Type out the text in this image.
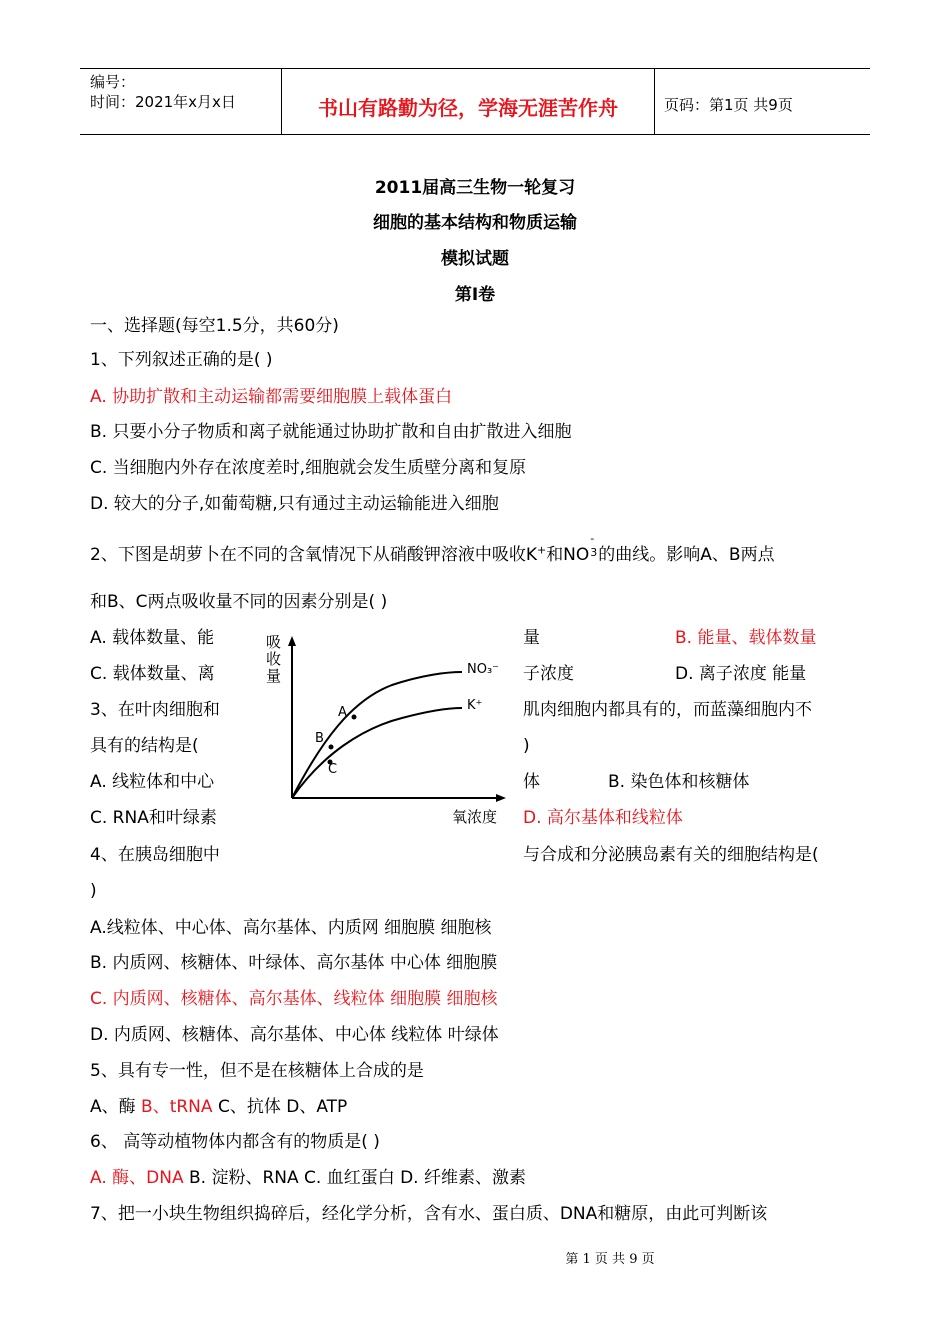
编号：
时间：2021年x月x日	书山有路勤为径，学海无涯苦作舟	页码：第1页 共9页
2011届高三生物一轮复习
细胞的基本结构和物质运输
模拟试题
第Ⅰ卷
一、选择题(每空1.5分，共60分)
1、下列叙述正确的是( )
A. 协助扩散和主动运输都需要细胞膜上载体蛋白
B. 只要小分子物质和离子就能通过协助扩散和自由扩散进入细胞
C. 当细胞内外存在浓度差时,细胞就会发生质壁分离和复原
D. 较大的分子,如葡萄糖,只有通过主动运输能进入细胞
2、下图是胡萝卜在不同的含氧情况下从硝酸钾溶液中吸收K+和NO
-
3 的曲线。影响A、B两点
和B、C两点吸收量不同的因素分别是( )
A. 载体数量、能	量	B. 能量、载体数量
C. 载体数量、离	子浓度	D. 离子浓度 能量
吸收量
氧浓度
NO₃⁻
K⁺
A
B
C
3、在叶肉细胞和	肌肉细胞内都具有的，而蓝藻细胞内不
具有的结构是(	)
A. 线粒体和中心	体	B. 染色体和核糖体
C. RNA和叶绿素	D. 高尔基体和线粒体
4、在胰岛细胞中	与合成和分泌胰岛素有关的细胞结构是(
)
A.线粒体、中心体、高尔基体、内质网 细胞膜 细胞核
B. 内质网、核糖体、叶绿体、高尔基体 中心体 细胞膜
C. 内质网、核糖体、高尔基体、线粒体 细胞膜 细胞核
D. 内质网、核糖体、高尔基体、中心体 线粒体 叶绿体
5、具有专一性，但不是在核糖体上合成的是
A、酶 B、tRNA C、抗体 D、ATP
6、 高等动植物体内都含有的物质是( )
A. 酶、DNA B. 淀粉、RNA C. 血红蛋白 D. 纤维素、激素
7、把一小块生物组织捣碎后，经化学分析，含有水、蛋白质、DNA和糖原，由此可判断该
第 1 页 共 9 页
